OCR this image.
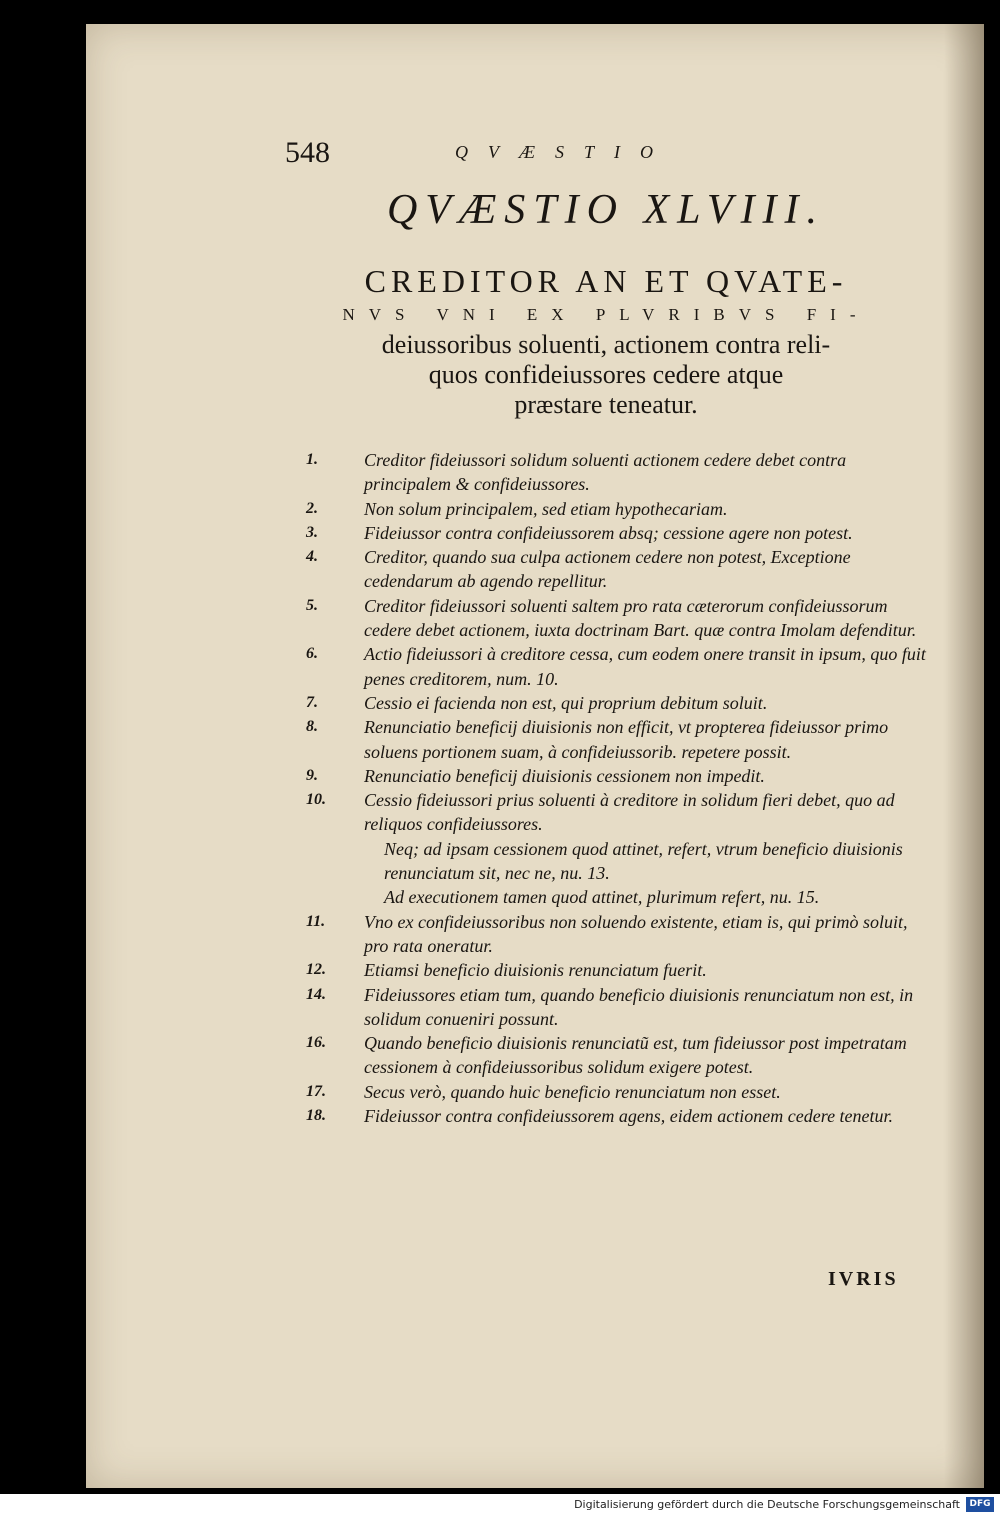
548	QVÆSTIO
QVÆSTIO XLVIII.
CREDITOR AN ET QVATE-
NVS VNI EX PLVRIBVS FI-
deiussoribus soluenti, actionem contra reli-
quos confideiussores cedere atque
præstare teneatur.
1.	Creditor fideiussori solidum soluenti actionem cedere debet contra principalem & confideiussores.
2.	Non solum principalem, sed etiam hypothecariam.
3.	Fideiussor contra confideiussorem absq; cessione agere non potest.
4.	Creditor, quando sua culpa actionem cedere non potest, Exceptione cedendarum ab agendo repellitur.
5.	Creditor fideiussori soluenti saltem pro rata cæterorum confideiussorum cedere debet actionem, iuxta doctrinam Bart. quæ contra Imolam defenditur.
6.	Actio fideiussori à creditore cessa, cum eodem onere transit in ipsum, quo fuit penes creditorem, num. 10.
7.	Cessio ei facienda non est, qui proprium debitum soluit.
8.	Renunciatio beneficij diuisionis non efficit, vt propterea fideiussor primo soluens portionem suam, à confideiussorib. repetere possit.
9.	Renunciatio beneficij diuisionis cessionem non impedit.
10.	Cessio fideiussori prius soluenti à creditore in solidum fieri debet, quo ad reliquos confideiussores.
Neq; ad ipsam cessionem quod attinet, refert, vtrum beneficio diuisionis renunciatum sit, nec ne, nu. 13.
Ad executionem tamen quod attinet, plurimum refert, nu. 15.
11.	Vno ex confideiussoribus non soluendo existente, etiam is, qui primò soluit, pro rata oneratur.
12.	Etiamsi beneficio diuisionis renunciatum fuerit.
14.	Fideiussores etiam tum, quando beneficio diuisionis renunciatum non est, in solidum conueniri possunt.
16.	Quando beneficio diuisionis renunciatũ est, tum fideiussor post impetratam cessionem à confideiussoribus solidum exigere potest.
17.	Secus verò, quando huic beneficio renunciatum non esset.
18.	Fideiussor contra confideiussorem agens, eidem actionem cedere tenetur.
IVRIS
Digitalisierung gefördert durch die Deutsche Forschungsgemeinschaft	DFG
